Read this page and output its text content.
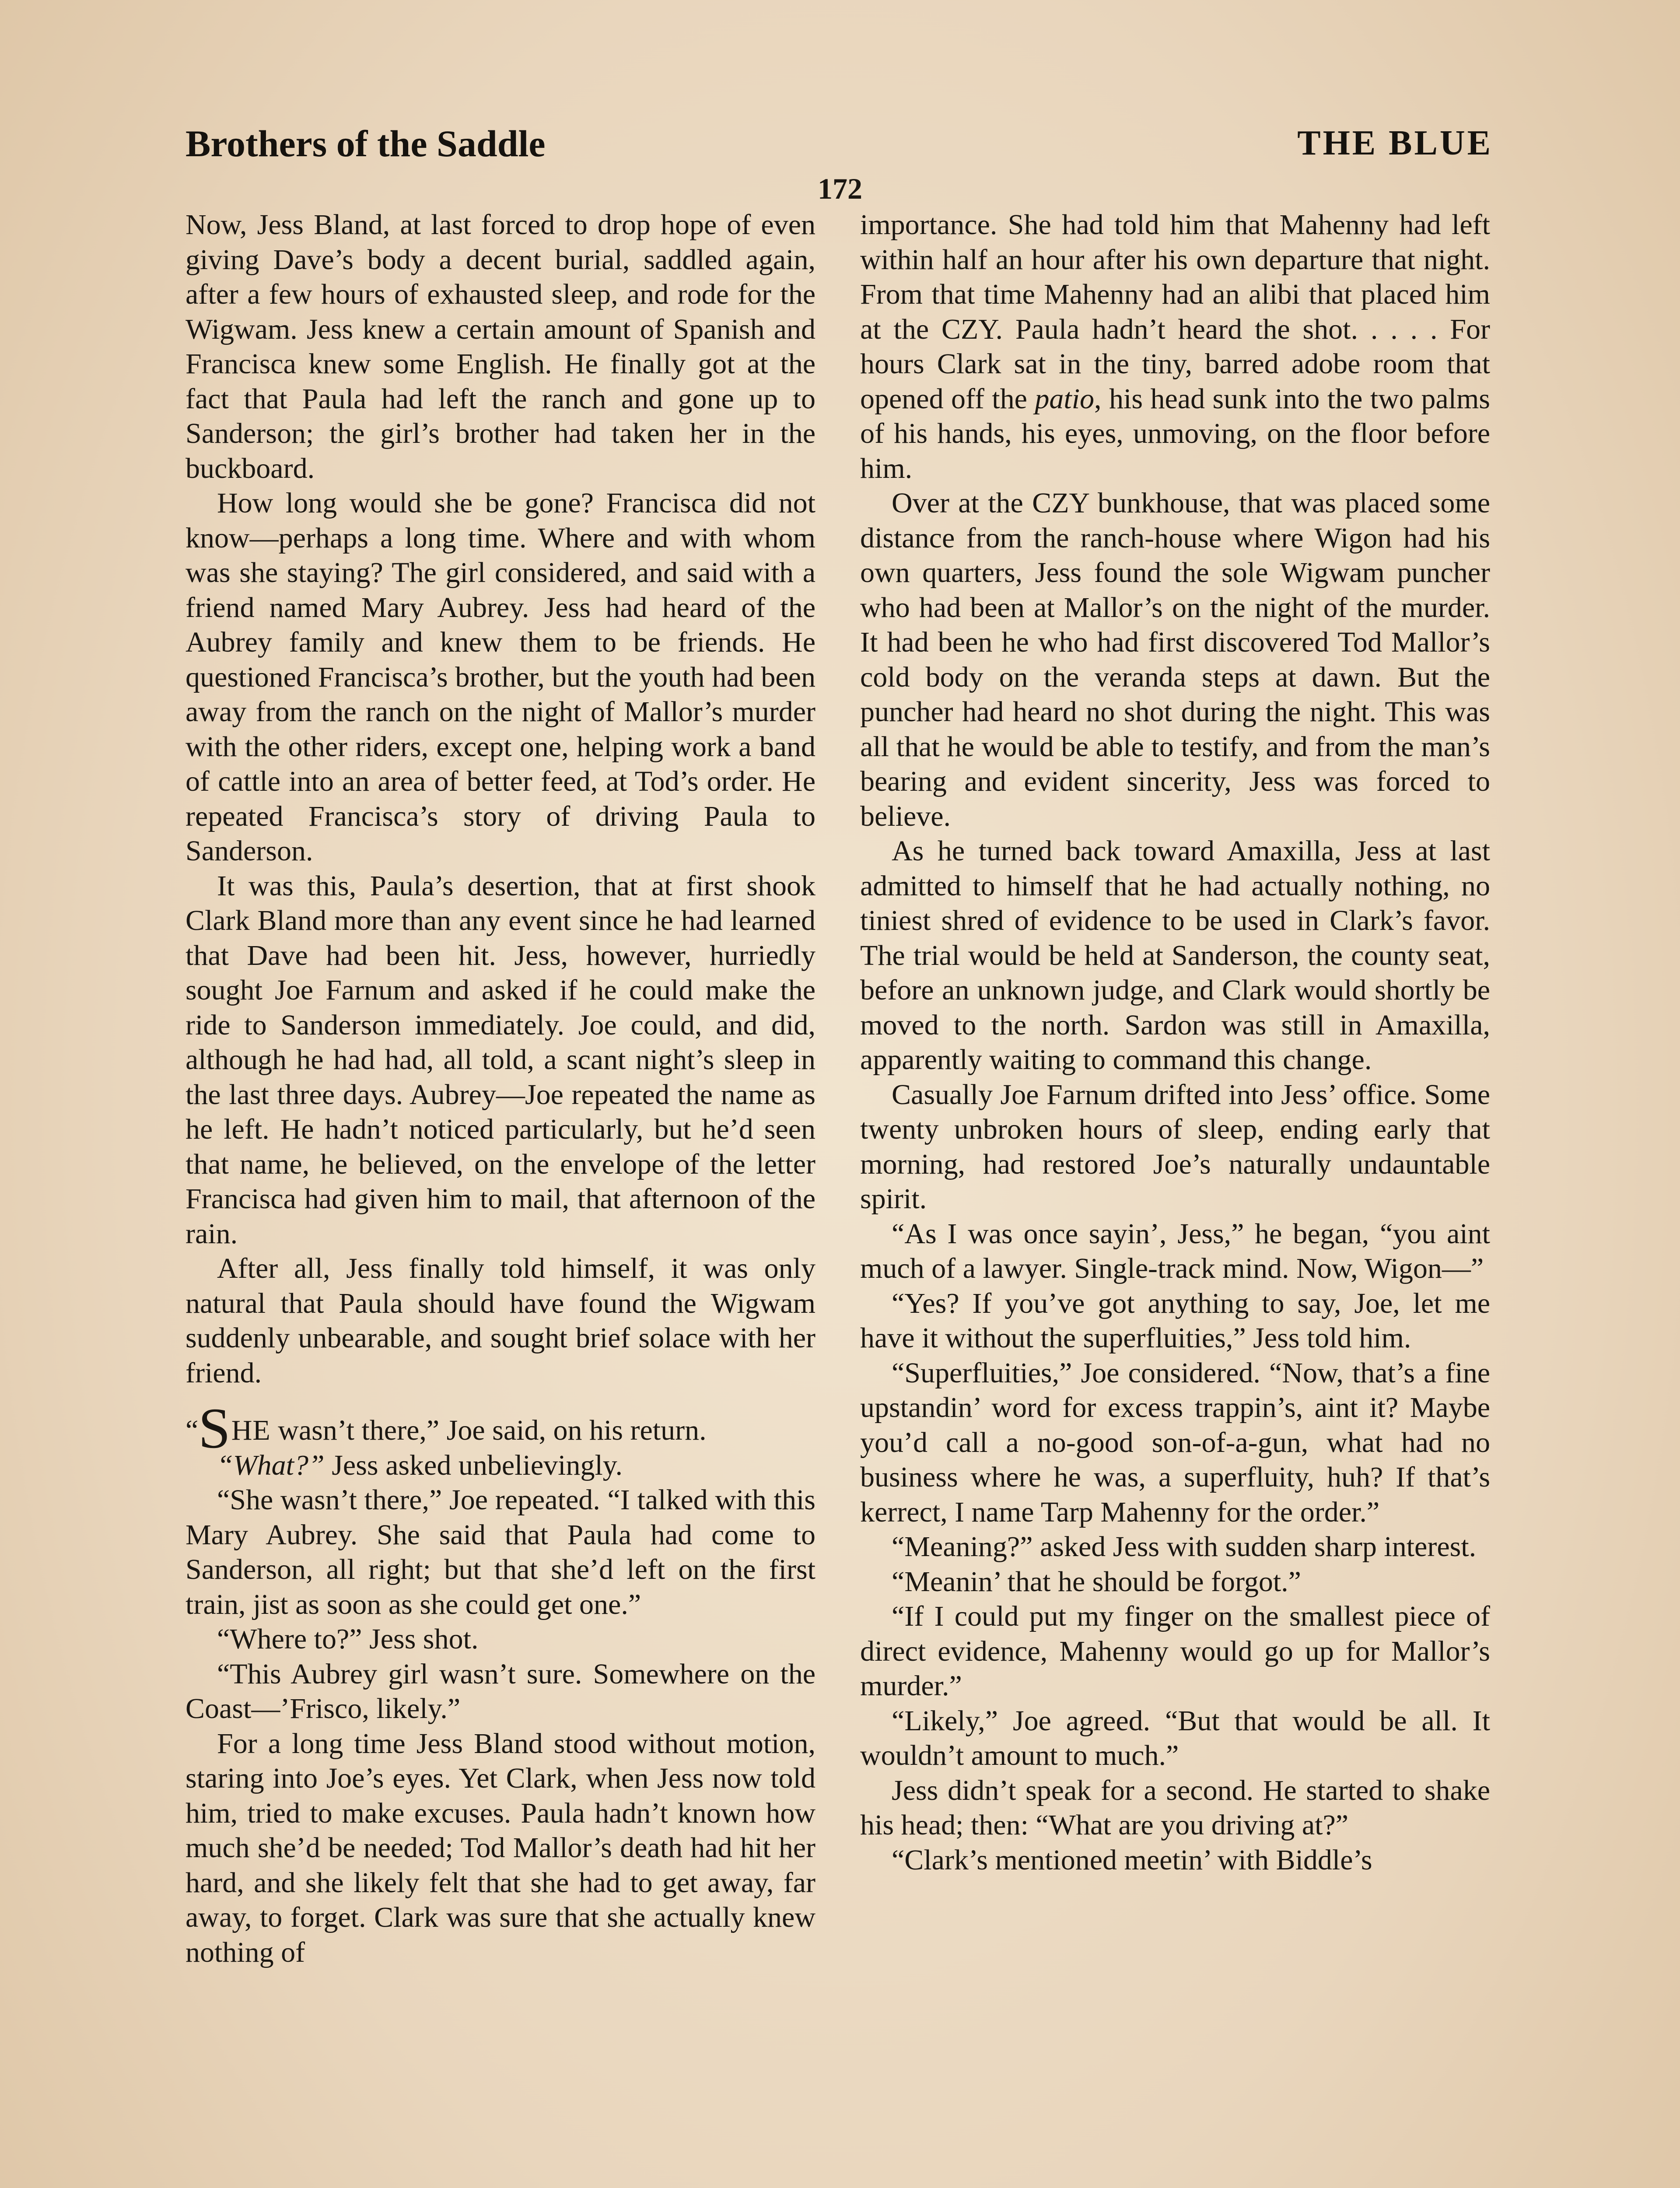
Brothers of the Saddle	THE BLUE
172

Now, Jess Bland, at last forced to drop hope of even giving Dave’s body a decent burial, saddled again, after a few hours of exhausted sleep, and rode for the Wigwam. Jess knew a certain amount of Spanish and Francisca knew some English. He finally got at the fact that Paula had left the ranch and gone up to Sanderson; the girl’s brother had taken her in the buckboard.

How long would she be gone? Francisca did not know—perhaps a long time. Where and with whom was she staying? The girl considered, and said with a friend named Mary Aubrey. Jess had heard of the Aubrey family and knew them to be friends. He questioned Francisca’s brother, but the youth had been away from the ranch on the night of Mallor’s murder with the other riders, except one, helping work a band of cattle into an area of better feed, at Tod’s order. He repeated Francisca’s story of driving Paula to Sanderson.

It was this, Paula’s desertion, that at first shook Clark Bland more than any event since he had learned that Dave had been hit. Jess, however, hurriedly sought Joe Farnum and asked if he could make the ride to Sanderson immediately. Joe could, and did, although he had had, all told, a scant night’s sleep in the last three days. Aubrey—Joe repeated the name as he left. He hadn’t noticed particularly, but he’d seen that name, he believed, on the envelope of the letter Francisca had given him to mail, that afternoon of the rain.

After all, Jess finally told himself, it was only natural that Paula should have found the Wigwam suddenly unbearable, and sought brief solace with her friend.

“SHE wasn’t there,” Joe said, on his return.

“What?” Jess asked unbelievingly.

“She wasn’t there,” Joe repeated. “I talked with this Mary Aubrey. She said that Paula had come to Sanderson, all right; but that she’d left on the first train, jist as soon as she could get one.”

“Where to?” Jess shot.

“This Aubrey girl wasn’t sure. Somewhere on the Coast—’Frisco, likely.”

For a long time Jess Bland stood without motion, staring into Joe’s eyes. Yet Clark, when Jess now told him, tried to make excuses. Paula hadn’t known how much she’d be needed; Tod Mallor’s death had hit her hard, and she likely felt that she had to get away, far away, to forget. Clark was sure that she actually knew nothing of

importance. She had told him that Mahenny had left within half an hour after his own departure that night. From that time Mahenny had an alibi that placed him at the CZY. Paula hadn’t heard the shot. . . . . For hours Clark sat in the tiny, barred adobe room that opened off the patio, his head sunk into the two palms of his hands, his eyes, unmoving, on the floor before him.

Over at the CZY bunkhouse, that was placed some distance from the ranch-house where Wigon had his own quarters, Jess found the sole Wigwam puncher who had been at Mallor’s on the night of the murder. It had been he who had first discovered Tod Mallor’s cold body on the veranda steps at dawn. But the puncher had heard no shot during the night. This was all that he would be able to testify, and from the man’s bearing and evident sincerity, Jess was forced to believe.

As he turned back toward Amaxilla, Jess at last admitted to himself that he had actually nothing, no tiniest shred of evidence to be used in Clark’s favor. The trial would be held at Sanderson, the county seat, before an unknown judge, and Clark would shortly be moved to the north. Sardon was still in Amaxilla, apparently waiting to command this change.

Casually Joe Farnum drifted into Jess’ office. Some twenty unbroken hours of sleep, ending early that morning, had restored Joe’s naturally undauntable spirit.

“As I was once sayin’, Jess,” he began, “you aint much of a lawyer. Single-track mind. Now, Wigon—”

“Yes? If you’ve got anything to say, Joe, let me have it without the superfluities,” Jess told him.

“Superfluities,” Joe considered. “Now, that’s a fine upstandin’ word for excess trappin’s, aint it? Maybe you’d call a no-good son-of-a-gun, what had no business where he was, a superfluity, huh? If that’s kerrect, I name Tarp Mahenny for the order.”

“Meaning?” asked Jess with sudden sharp interest.

“Meanin’ that he should be forgot.”

“If I could put my finger on the smallest piece of direct evidence, Mahenny would go up for Mallor’s murder.”

“Likely,” Joe agreed. “But that would be all. It wouldn’t amount to much.”

Jess didn’t speak for a second. He started to shake his head; then: “What are you driving at?”

“Clark’s mentioned meetin’ with Biddle’s
